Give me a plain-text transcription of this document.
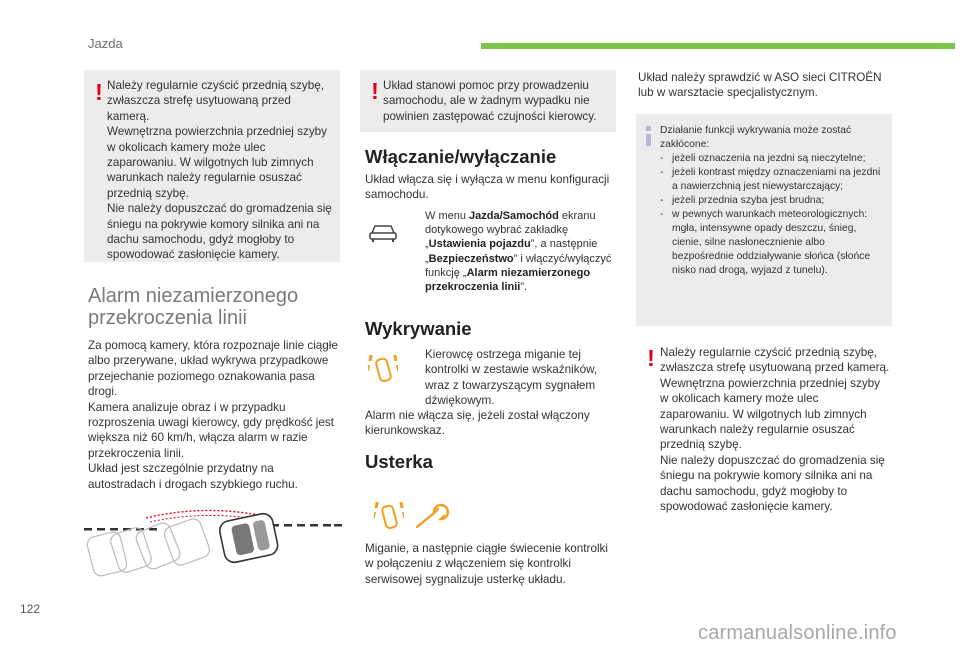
Jazda
! Należy regularnie czyścić przednią szybę, zwłaszcza strefę usytuowaną przed kamerą.

Wewnętrzna powierzchnia przedniej szyby w okolicach kamery może ulec zaparowaniu. W wilgotnych lub zimnych warunkach należy regularnie osuszać przednią szybę.

Nie należy dopuszczać do gromadzenia się śniegu na pokrywie komory silnika ani na dachu samochodu, gdyż mogłoby to spowodować zasłonięcie kamery.

Alarm niezamierzonego
przekroczenia linii

Za pomocą kamery, która rozpoznaje linie ciągłe albo przerywane, układ wykrywa przypadkowe przejechanie poziomego oznakowania pasa drogi.

Kamera analizuje obraz i w przypadku rozproszenia uwagi kierowcy, gdy prędkość jest większa niż 60 km/h, włącza alarm w razie przekroczenia linii.

Układ jest szczególnie przydatny na autostradach i drogach szybkiego ruchu.

! Układ stanowi pomoc przy prowadzeniu samochodu, ale w żadnym wypadku nie powinien zastępować czujności kierowcy.
Włączanie/wyłączanie
Układ włącza się i wyłącza w menu konfiguracji samochodu.
W menu Jazda/Samochód ekranu dotykowego wybrać zakładkę „Ustawienia pojazdu”, a następnie „Bezpieczeństwo” i włączyć/wyłączyć funkcję „Alarm niezamierzonego przekroczenia linii”.
Wykrywanie
Kierowcę ostrzega miganie tej kontrolki w zestawie wskaźników, wraz z towarzyszącym sygnałem dźwiękowym.
Alarm nie włącza się, jeżeli został włączony kierunkowskaz.
Usterka
Miganie, a następnie ciągłe świecenie kontrolki w połączeniu z włączeniem się kontrolki serwisowej sygnalizuje usterkę układu.
Układ należy sprawdzić w ASO sieci CITROËN lub w warsztacie specjalistycznym.

Działanie funkcji wykrywania może zostać zakłócone:

- jeżeli oznaczenia na jezdni są nieczytelne;
- jeżeli kontrast między oznaczeniami na jezdni a nawierzchnią jest niewystarczający;
- jeżeli przednia szyba jest brudna;
- w pewnych warunkach meteorologicznych: mgła, intensywne opady deszczu, śnieg, cienie, silne nasłonecznienie albo bezpośrednie oddziaływanie słońca (słońce nisko nad drogą, wyjazd z tunelu).
! Należy regularnie czyścić przednią szybę, zwłaszcza strefę usytuowaną przed kamerą.

Wewnętrzna powierzchnia przedniej szyby w okolicach kamery może ulec zaparowaniu. W wilgotnych lub zimnych warunkach należy regularnie osuszać przednią szybę.

Nie należy dopuszczać do gromadzenia się śniegu na pokrywie komory silnika ani na dachu samochodu, gdyż mogłoby to spowodować zasłonięcie kamery.

122
carmanualsonline.info
